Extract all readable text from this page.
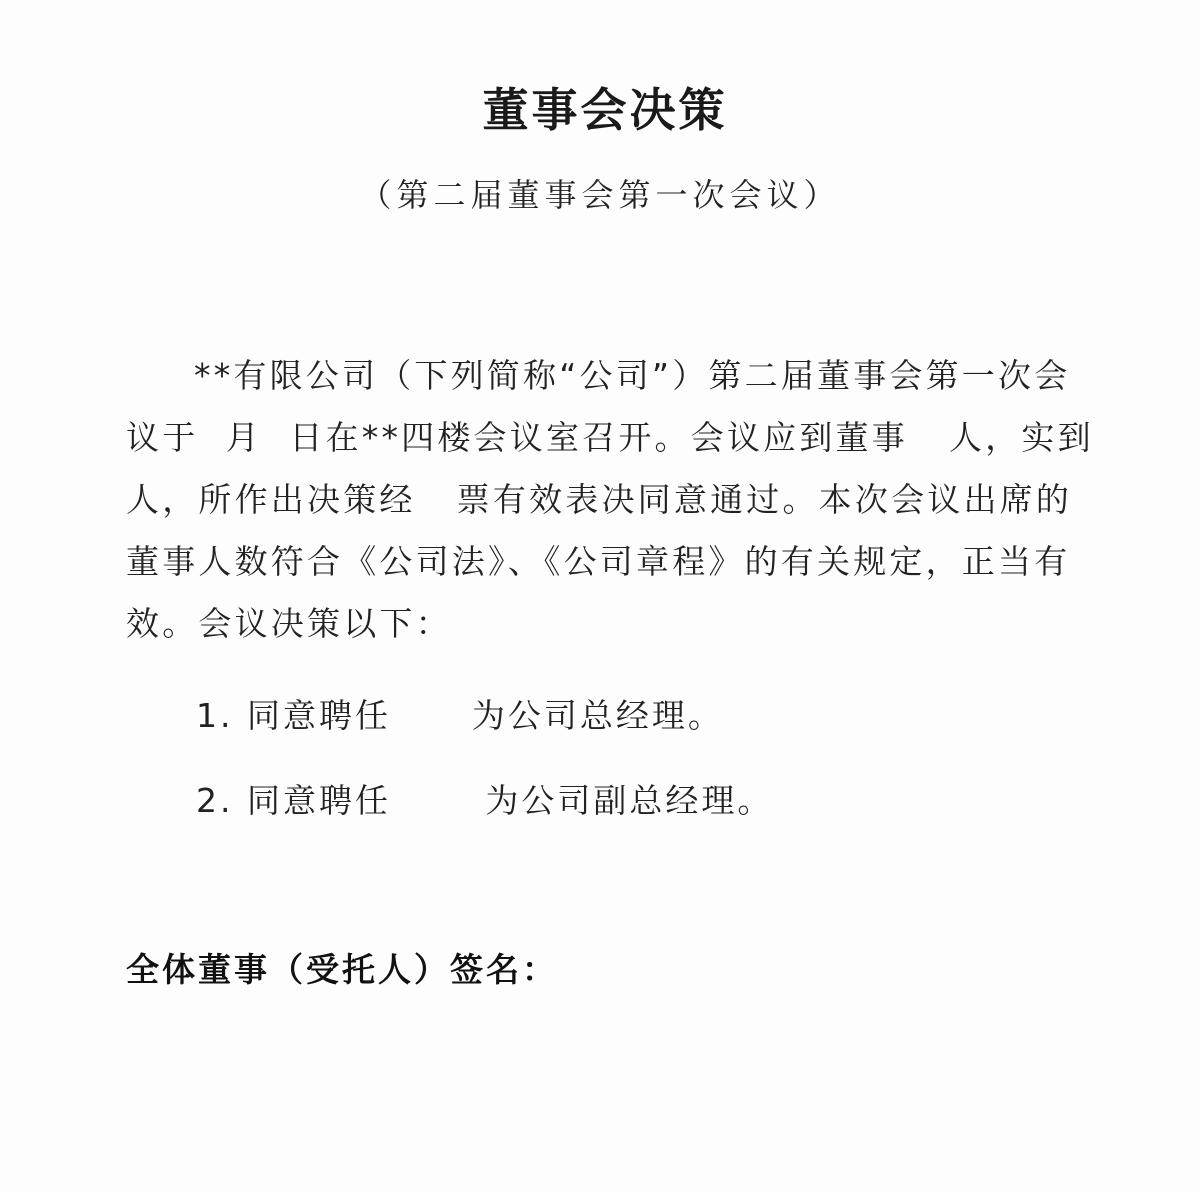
董事会决策
（第二届董事会第一次会议）
**有限公司（下列简称“公司”）第二届董事会第一次会
议于  月  日在**四楼会议室召开。会议应到董事   人，实到
人，所作出决策经   票有效表决同意通过。本次会议出席的
董事人数符合《公司法》、《公司章程》的有关规定，正当有
效。会议决策以下：
1. 同意聘任      为公司总经理。
2. 同意聘任       为公司副总经理。
全体董事（受托人）签名：
